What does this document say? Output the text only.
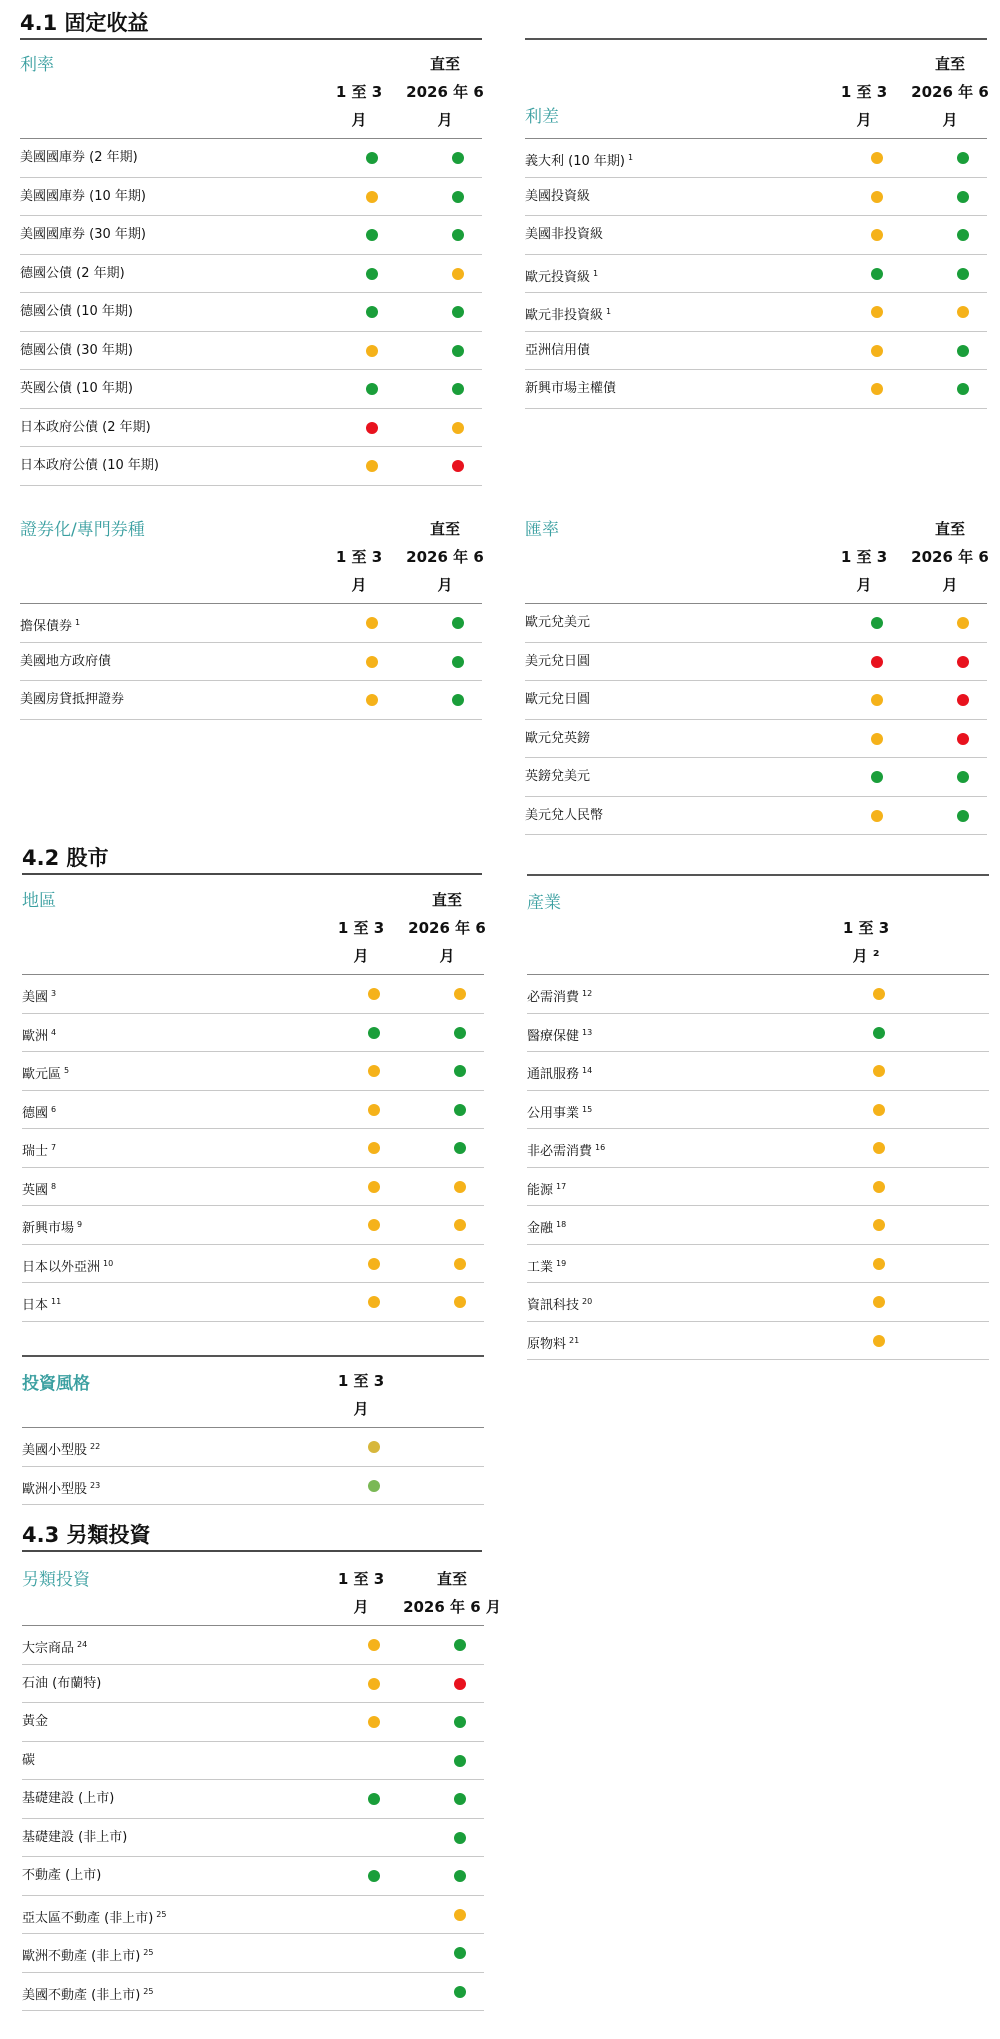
4.1 固定收益
4.2 股市
4.3 另類投資
利率
1 至 3
月
直至
2026 年 6
月
美國國庫券 (2 年期)
美國國庫券 (10 年期)
美國國庫券 (30 年期)
德國公債 (2 年期)
德國公債 (10 年期)
德國公債 (30 年期)
英國公債 (10 年期)
日本政府公債 (2 年期)
日本政府公債 (10 年期)
利差
1 至 3
月
直至
2026 年 6
月
義大利 (10 年期) $^1$
美國投資級
美國非投資級
歐元投資級 $^1$
歐元非投資級 $^1$
亞洲信用債
新興市場主權債
證券化/專門券種
1 至 3
月
直至
2026 年 6
月
擔保債券 $^1$
美國地方政府債
美國房貸抵押證券
匯率
1 至 3
月
直至
2026 年 6
月
歐元兌美元
美元兌日圓
歐元兌日圓
歐元兌英鎊
英鎊兌美元
美元兌人民幣
地區
1 至 3
月
直至
2026 年 6
月
美國 $^3$
歐洲 $^4$
歐元區 $^5$
德國 $^6$
瑞士 $^7$
英國 $^8$
新興市場 $^9$
日本以外亞洲 $^{10}$
日本 $^{11}$
產業
1 至 3
月 ²
必需消費 $^{12}$
醫療保健 $^{13}$
通訊服務 $^{14}$
公用事業 $^{15}$
非必需消費 $^{16}$
能源 $^{17}$
金融 $^{18}$
工業 $^{19}$
資訊科技 $^{20}$
原物料 $^{21}$
投資風格	1 至 3
月
美國小型股 $^{22}$
歐洲小型股 $^{23}$
另類投資	1 至 3
月
直至
2026 年 6 月
大宗商品 $^{24}$
石油 (布蘭特)
黃金
碳
基礎建設 (上市)
基礎建設 (非上市)
不動產 (上市)
亞太區不動產 (非上市) $^{25}$
歐洲不動產 (非上市) $^{25}$
美國不動產 (非上市) $^{25}$
